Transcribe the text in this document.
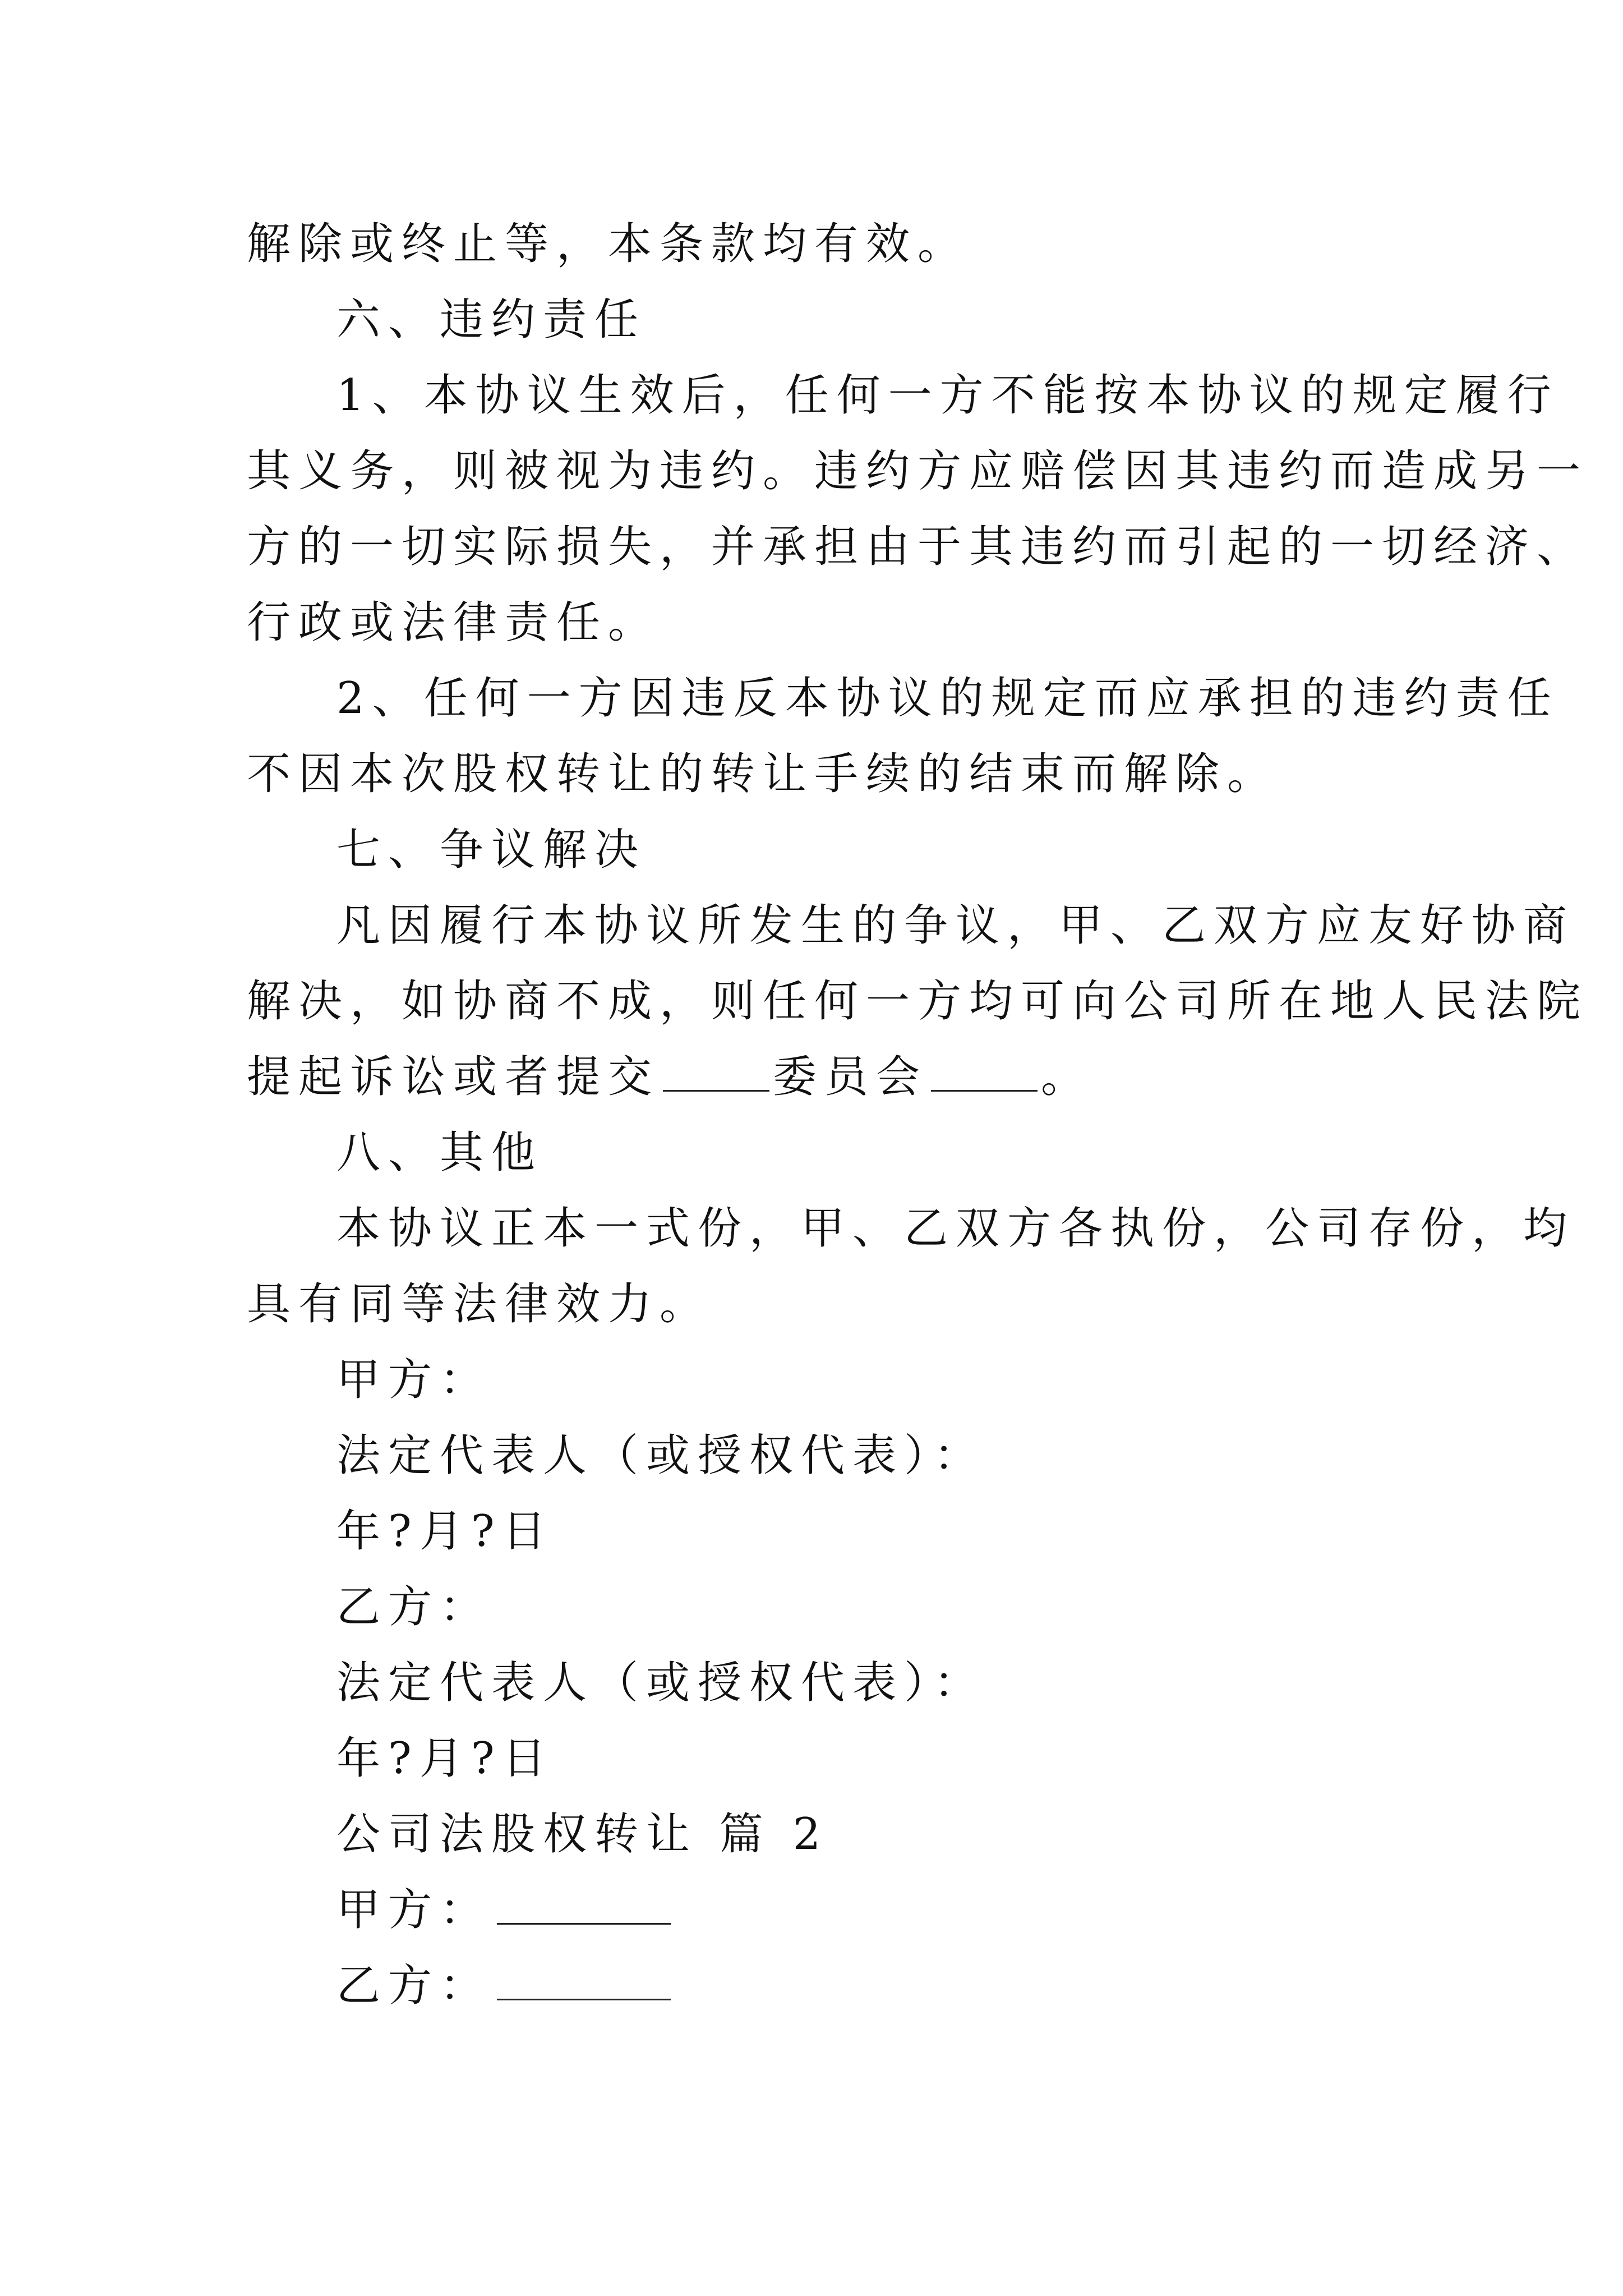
解除或终止等，本条款均有效。
六、违约责任
1、本协议生效后，任何一方不能按本协议的规定履行
其义务，则被视为违约。违约方应赔偿因其违约而造成另一
方的一切实际损失，并承担由于其违约而引起的一切经济、
行政或法律责任。
2、任何一方因违反本协议的规定而应承担的违约责任
不因本次股权转让的转让手续的结束而解除。
七、争议解决
凡因履行本协议所发生的争议，甲、乙双方应友好协商
解决，如协商不成，则任何一方均可向公司所在地人民法院
提起诉讼或者提交	委员会	。
八、其他
本协议正本一式份，甲、乙双方各执份，公司存份，均
具有同等法律效力。
甲方：
法定代表人（或授权代表）：
年?月?日
乙方：
法定代表人（或授权代表）：
年?月?日
公司法股权转让 篇 2
甲方：
乙方：
